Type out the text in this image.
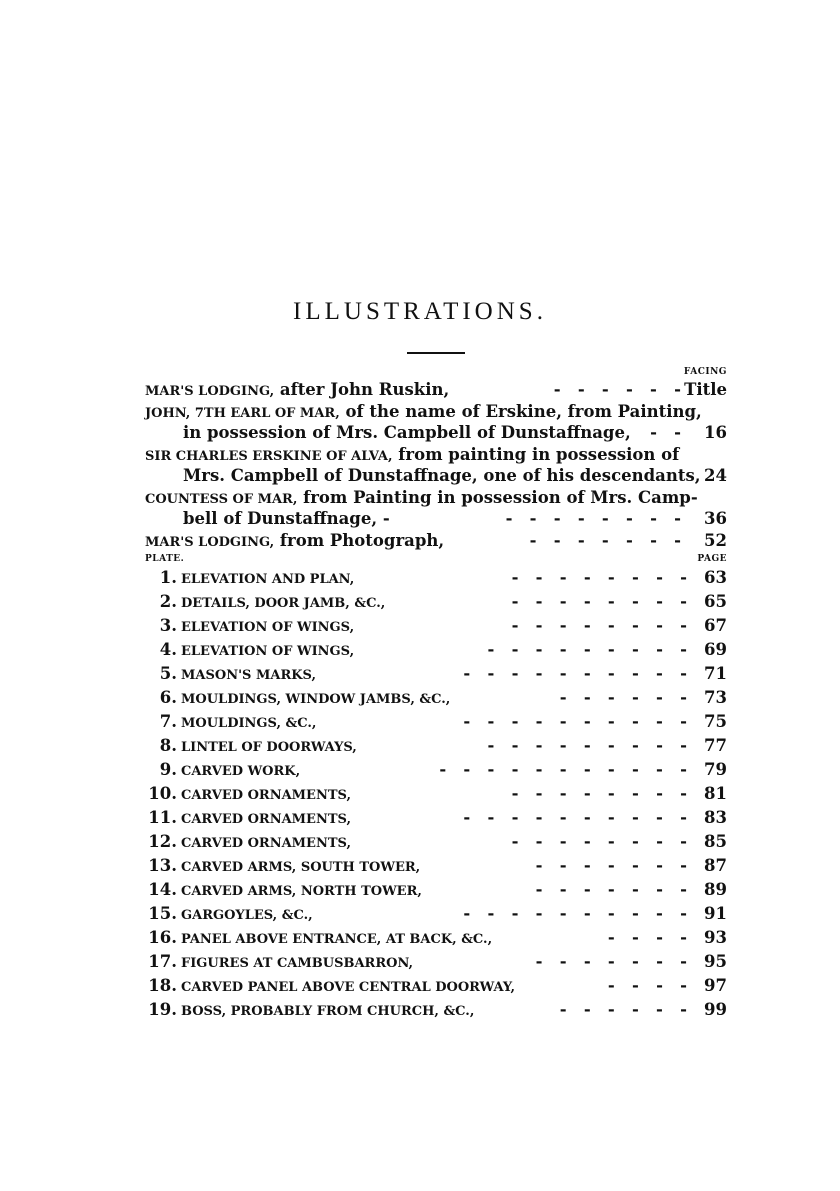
ILLUSTRATIONS.
FACING
MAR'S LODGING, after John Ruskin,	-   -   -   -   -   - Title
JOHN, 7TH EARL OF MAR, of the name of Erskine, from Painting,
in possession of Mrs. Campbell of Dunstaffnage, -   - 16
SIR CHARLES ERSKINE OF ALVA, from painting in possession of
Mrs. Campbell of Dunstaffnage, one of his descendants, 24
COUNTESS OF MAR, from Painting in possession of Mrs. Camp-
bell of Dunstaffnage, -	-   -   -   -   -   -   -   - 36
MAR'S LODGING, from Photograph,	-   -   -   -   -   -   - 52
PLATE.	PAGE
1. ELEVATION AND PLAN,	-   -   -   -   -   -   -   - 63
2. DETAILS, DOOR JAMB, &C.,	-   -   -   -   -   -   -   - 65
3. ELEVATION OF WINGS,	-   -   -   -   -   -   -   - 67
4. ELEVATION OF WINGS,	-   -   -   -   -   -   -   -   - 69
5. MASON'S MARKS,	-   -   -   -   -   -   -   -   -   - 71
6. MOULDINGS, WINDOW JAMBS, &C.,	-   -   -   -   -   - 73
7. MOULDINGS, &C.,	-   -   -   -   -   -   -   -   -   - 75
8. LINTEL OF DOORWAYS,	-   -   -   -   -   -   -   -   - 77
9. CARVED WORK,	-   -   -   -   -   -   -   -   -   -   - 79
10. CARVED ORNAMENTS,	-   -   -   -   -   -   -   - 81
11. CARVED ORNAMENTS,	-   -   -   -   -   -   -   -   -   - 83
12. CARVED ORNAMENTS,	-   -   -   -   -   -   -   - 85
13. CARVED ARMS, SOUTH TOWER,	-   -   -   -   -   -   - 87
14. CARVED ARMS, NORTH TOWER,	-   -   -   -   -   -   - 89
15. GARGOYLES, &C.,	-   -   -   -   -   -   -   -   -   - 91
16. PANEL ABOVE ENTRANCE, AT BACK, &C.,	-   -   -   - 93
17. FIGURES AT CAMBUSBARRON,	-   -   -   -   -   -   - 95
18. CARVED PANEL ABOVE CENTRAL DOORWAY,	-   -   -   - 97
19. BOSS, PROBABLY FROM CHURCH, &C.,	-   -   -   -   -   - 99
